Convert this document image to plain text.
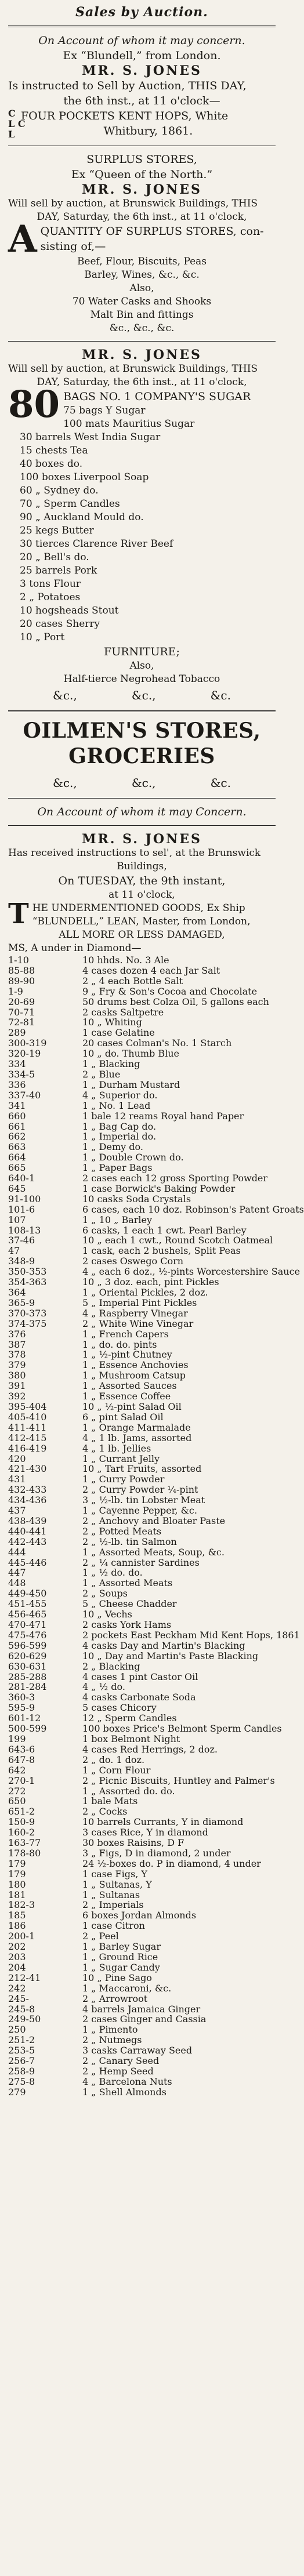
Sales by Auction.
On Account of whom it may concern.
Ex “Blundell,” from London.
MR. S. JONES
Is instructed to Sell by Auction, THIS DAY,
the 6th inst., at 11 o'clock—
C
L C
L
FOUR POCKETS KENT HOPS, White
Whitbury, 1861.
SURPLUS STORES,
Ex “Queen of the North.”
MR. S. JONES
Will sell by auction, at Brunswick Buildings, THIS
DAY, Saturday, the 6th inst., at 11 o'clock,
A QUANTITY OF SURPLUS STORES, con-
sisting of,—
Beef, Flour, Biscuits, Peas
Barley, Wines, &c., &c.
Also,
70 Water Casks and Shooks
Malt Bin and fittings
&c., &c., &c.
MR. S. JONES
Will sell by auction, at Brunswick Buildings, THIS
DAY, Saturday, the 6th inst., at 11 o'clock,
80 BAGS NO. 1 COMPANY'S SUGAR
75 bags Y Sugar
100 mats Mauritius Sugar
30 barrels West India Sugar
15 chests Tea
40 boxes do.
100 boxes Liverpool Soap
60 „ Sydney do.
70 „ Sperm Candles
90 „ Auckland Mould do.
25 kegs Butter
30 tierces Clarence River Beef
20 „ Bell's do.
25 barrels Pork
3 tons Flour
2 „ Potatoes
10 hogsheads Stout
20 cases Sherry
10 „ Port
FURNITURE;
Also,
Half-tierce Negrohead Tobacco
&c.,	&c.,	&c.
OILMEN'S STORES, GROCERIES
&c.,	&c.,	&c.
On Account of whom it may Concern.
MR. S. JONES
Has received instructions to sel', at the Brunswick
Buildings,
On TUESDAY, the 9th instant,
at 11 o'clock,
T HE UNDERMENTIONED GOODS, Ex Ship
“BLUNDELL,” LEAN, Master, from London,
ALL MORE OR LESS DAMAGED,
MS, A under in Diamond—
1-10	10 hhds. No. 3 Ale
85-88	4 cases dozen 4 each Jar Salt
89-90	2 „ 4 each Bottle Salt
1-9	9 „ Fry & Son's Cocoa and Chocolate
20-69	50 drums best Colza Oil, 5 gallons each
70-71	2 casks Saltpetre
72-81	10 „ Whiting
289	1 case Gelatine
300-319	20 cases Colman's No. 1 Starch
320-19	10 „ do. Thumb Blue
334	1 „ Blacking
334-5	2 „ Blue
336	1 „ Durham Mustard
337-40	4 „ Superior do.
341	1 „ No. 1 Lead
660	1 bale 12 reams Royal hand Paper
661	1 „ Bag Cap do.
662	1 „ Imperial do.
663	1 „ Demy do.
664	1 „ Double Crown do.
665	1 „ Paper Bags
640-1	2 cases each 12 gross Sporting Powder
645	1 case Borwick's Baking Powder
91-100	10 casks Soda Crystals
101-6	6 cases, each 10 doz. Robinson's Patent Groats
107	1 „ 10 „ Barley
108-13	6 casks, 1 each 1 cwt. Pearl Barley
37-46	10 „ each 1 cwt., Round Scotch Oatmeal
47	1 cask, each 2 bushels, Split Peas
348-9	2 cases Oswego Corn
350-353	4 „ each 6 doz., ½-pints Worcestershire Sauce
354-363	10 „ 3 doz. each, pint Pickles
364	1 „ Oriental Pickles, 2 doz.
365-9	5 „ Imperial Pint Pickles
370-373	4 „ Raspberry Vinegar
374-375	2 „ White Wine Vinegar
376	1 „ French Capers
387	1 „ do. do. pints
378	1 „ ½-pint Chutney
379	1 „ Essence Anchovies
380	1 „ Mushroom Catsup
391	1 „ Assorted Sauces
392	1 „ Essence Coffee
395-404	10 „ ½-pint Salad Oil
405-410	6 „ pint Salad Oil
411-411	1 „ Orange Marmalade
412-415	4 „ 1 lb. Jams, assorted
416-419	4 „ 1 lb. Jellies
420	1 „ Currant Jelly
421-430	10 „ Tart Fruits, assorted
431	1 „ Curry Powder
432-433	2 „ Curry Powder ¼-pint
434-436	3 „ ½-lb. tin Lobster Meat
437	1 „ Cayenne Pepper, &c.
438-439	2 „ Anchovy and Bloater Paste
440-441	2 „ Potted Meats
442-443	2 „ ½-lb. tin Salmon
444	1 „ Assorted Meats, Soup, &c.
445-446	2 „ ¼ cannister Sardines
447	1 „ ½ do. do.
448	1 „ Assorted Meats
449-450	2 „ Soups
451-455	5 „ Cheese Chadder
456-465	10 „ Vechs
470-471	2 casks York Hams
475-476	2 pockets East Peckham Mid Kent Hops, 1861
596-599	4 casks Day and Martin's Blacking
620-629	10 „ Day and Martin's Paste Blacking
630-631	2 „ Blacking
285-288	4 cases 1 pint Castor Oil
281-284	4 „ ½ do.
360-3	4 casks Carbonate Soda
595-9	5 cases Chicory
601-12	12 „ Sperm Candles
500-599	100 boxes Price's Belmont Sperm Candles
199	1 box Belmont Night
643-6	4 cases Red Herrings, 2 doz.
647-8	2 „ do. 1 doz.
642	1 „ Corn Flour
270-1	2 „ Picnic Biscuits, Huntley and Palmer's
272	1 „ Assorted do. do.
650	1 bale Mats
651-2	2 „ Cocks
150-9	10 barrels Currants, Y in diamond
160-2	3 cases Rice, Y in diamond
163-77	30 boxes Raisins, D F
178-80	3 „ Figs, D in diamond, 2 under
179	24 ½-boxes do. P in diamond, 4 under
179	1 case Figs, Y
180	1 „ Sultanas, Y
181	1 „ Sultanas
182-3	2 „ Imperials
185	6 boxes Jordan Almonds
186	1 case Citron
200-1	2 „ Peel
202	1 „ Barley Sugar
203	1 „ Ground Rice
204	1 „ Sugar Candy
212-41	10 „ Pine Sago
242	1 „ Maccaroni, &c.
245-	2 „ Arrowroot
245-8	4 barrels Jamaica Ginger
249-50	2 cases Ginger and Cassia
250	1 „ Pimento
251-2	2 „ Nutmegs
253-5	3 casks Carraway Seed
256-7	2 „ Canary Seed
258-9	2 „ Hemp Seed
275-8	4 „ Barcelona Nuts
279	1 „ Shell Almonds
